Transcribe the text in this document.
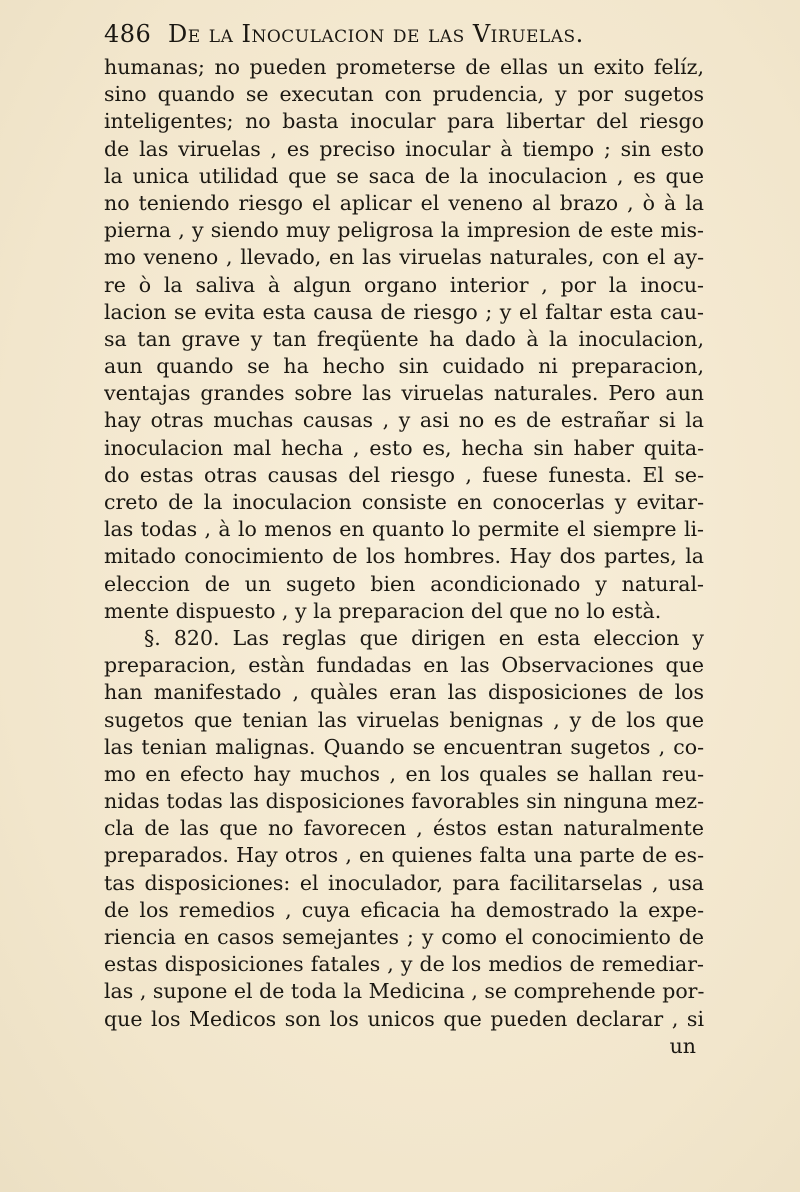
486 De la Inoculacion de las Viruelas.
humanas; no pueden prometerse de ellas un exito felíz,
sino quando se executan con prudencia, y por sugetos
inteligentes; no basta inocular para libertar del riesgo
de las viruelas , es preciso inocular à tiempo ; sin esto
la unica utilidad que se saca de la inoculacion , es que
no teniendo riesgo el aplicar el veneno al brazo , ò à la
pierna , y siendo muy peligrosa la impresion de este mis-
mo veneno , llevado, en las viruelas naturales, con el ay-
re ò la saliva à algun organo interior , por la inocu-
lacion se evita esta causa de riesgo ; y el faltar esta cau-
sa tan grave y tan freqüente ha dado à la inoculacion,
aun quando se ha hecho sin cuidado ni preparacion,
ventajas grandes sobre las viruelas naturales. Pero aun
hay otras muchas causas , y asi no es de estrañar si la
inoculacion mal hecha , esto es, hecha sin haber quita-
do estas otras causas del riesgo , fuese funesta. El se-
creto de la inoculacion consiste en conocerlas y evitar-
las todas , à lo menos en quanto lo permite el siempre li-
mitado conocimiento de los hombres. Hay dos partes, la
eleccion de un sugeto bien acondicionado y natural-
mente dispuesto , y la preparacion del que no lo està.
§. 820. Las reglas que dirigen en esta eleccion y
preparacion, estàn fundadas en las Observaciones que
han manifestado , quàles eran las disposiciones de los
sugetos que tenian las viruelas benignas , y de los que
las tenian malignas. Quando se encuentran sugetos , co-
mo en efecto hay muchos , en los quales se hallan reu-
nidas todas las disposiciones favorables sin ninguna mez-
cla de las que no favorecen , éstos estan naturalmente
preparados. Hay otros , en quienes falta una parte de es-
tas disposiciones: el inoculador, para facilitarselas , usa
de los remedios , cuya eficacia ha demostrado la expe-
riencia en casos semejantes ; y como el conocimiento de
estas disposiciones fatales , y de los medios de remediar-
las , supone el de toda la Medicina , se comprehende por-
que los Medicos son los unicos que pueden declarar , si
un
